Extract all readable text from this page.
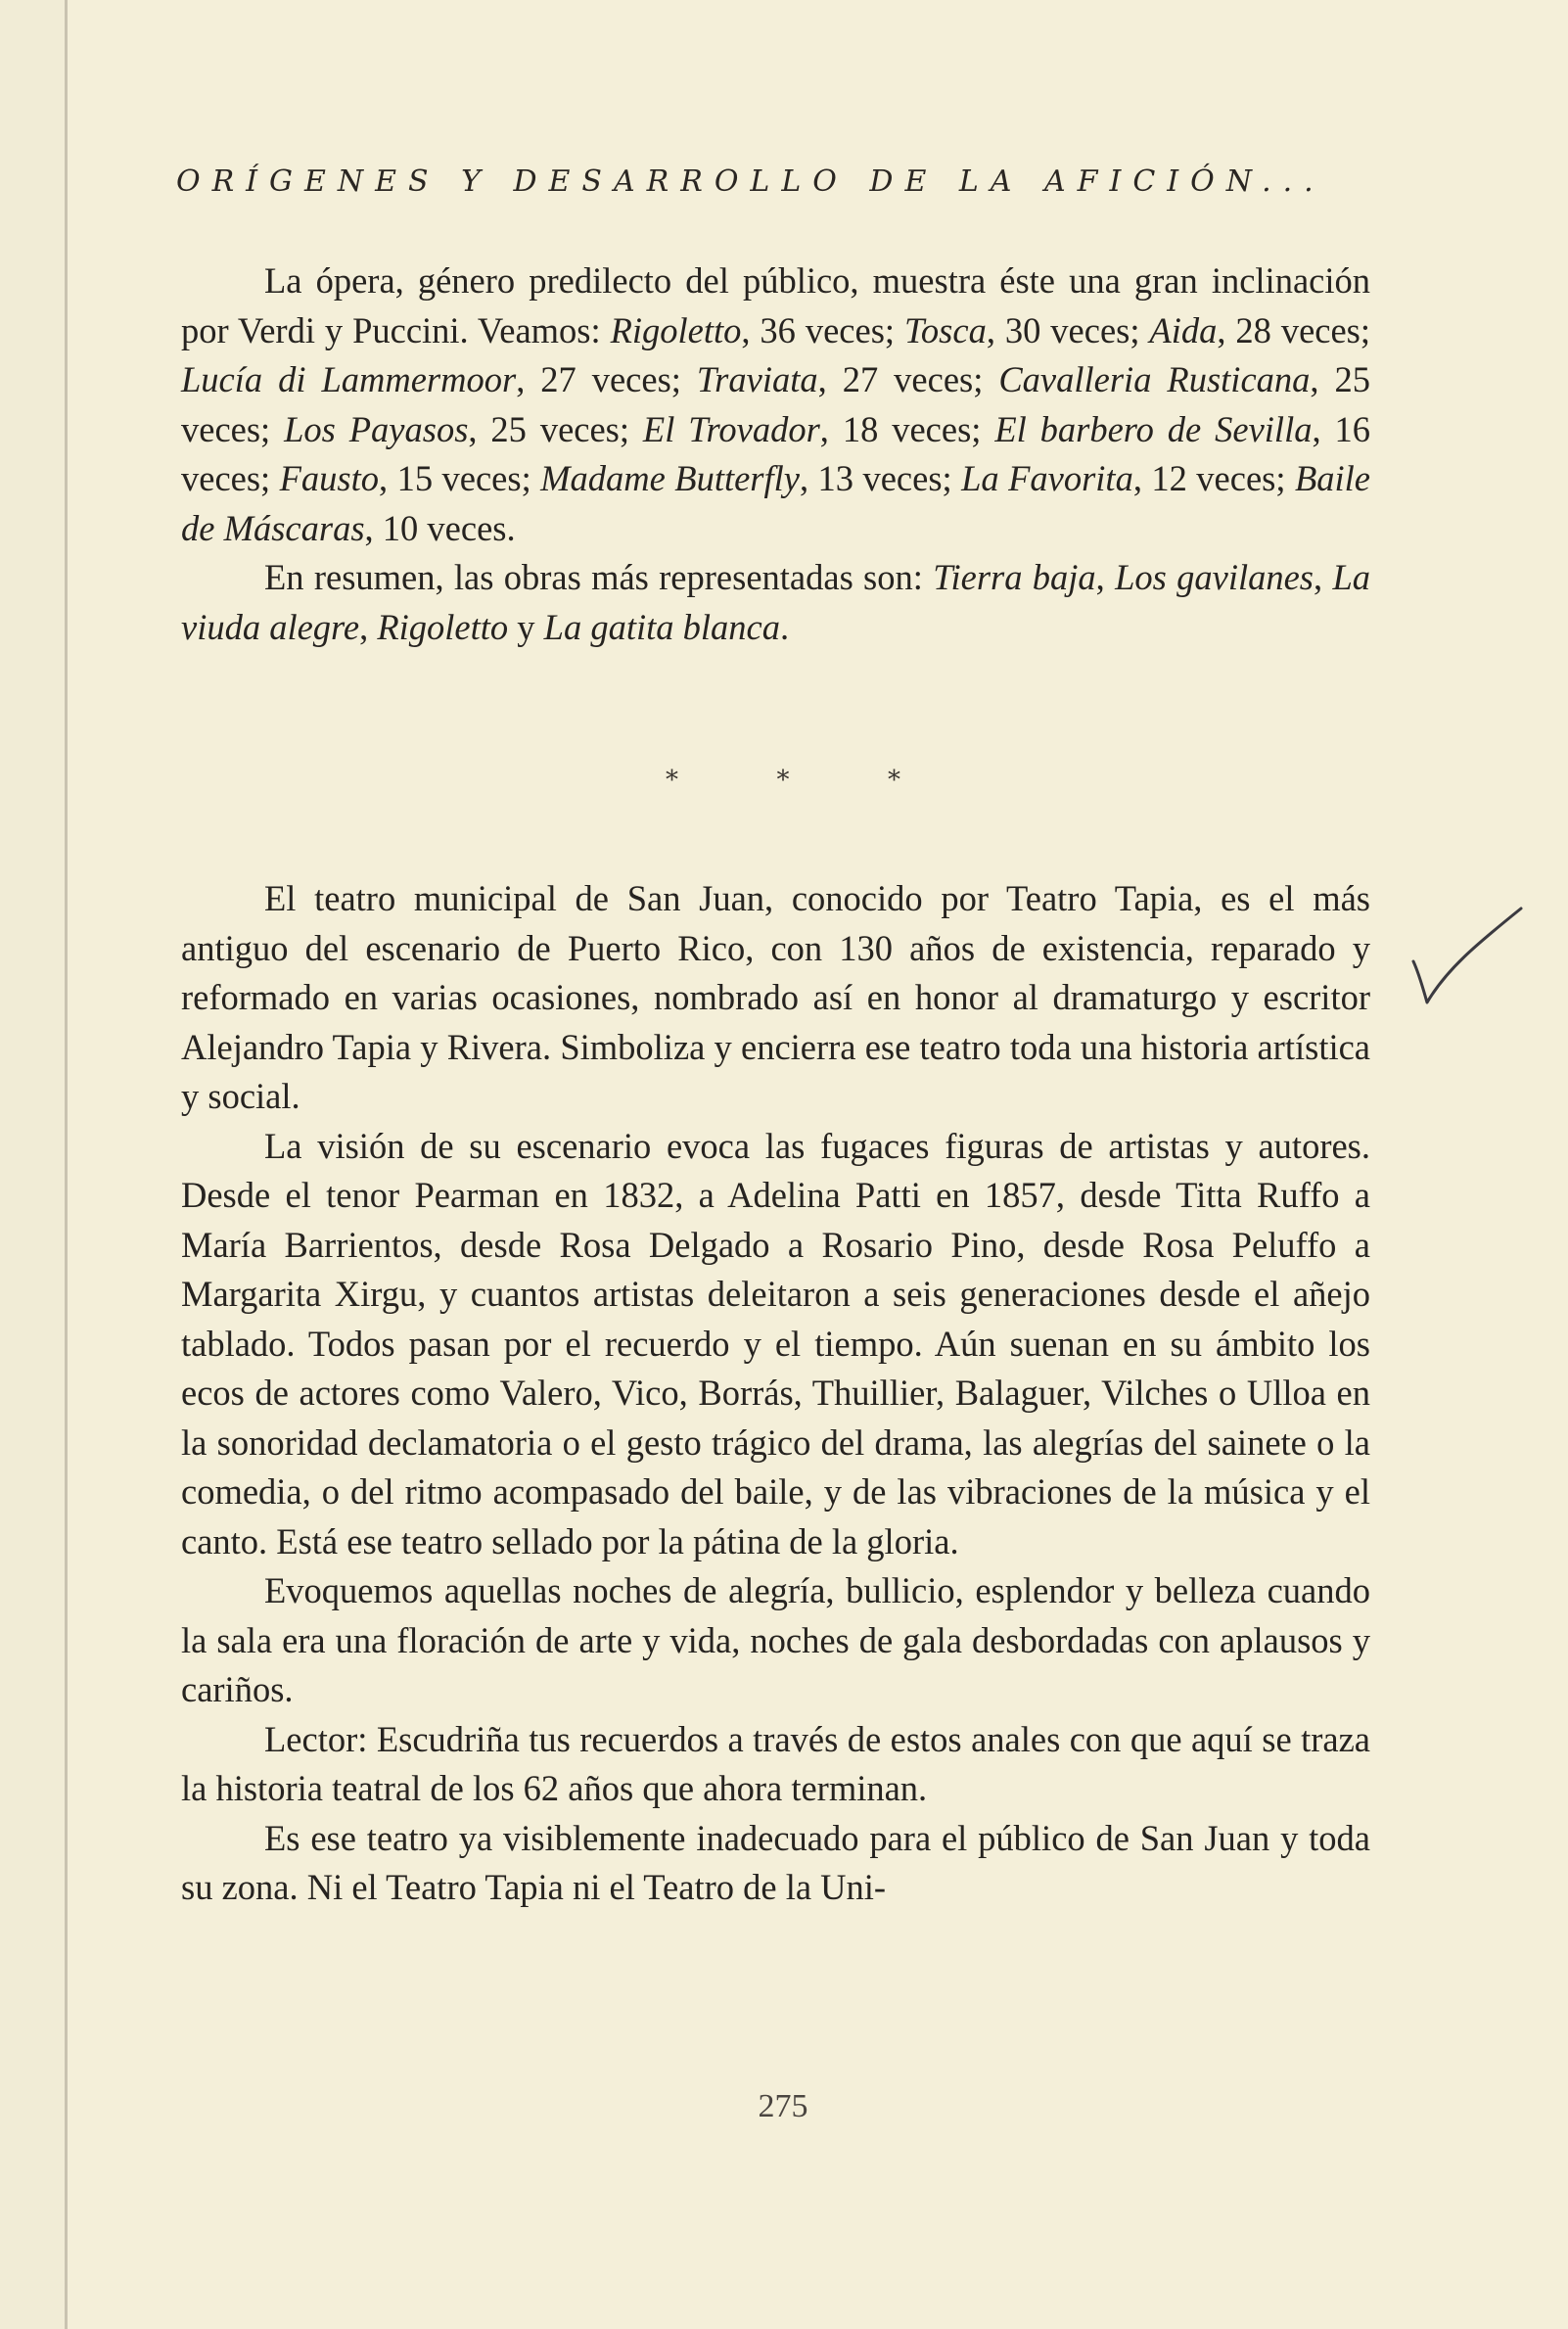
ORÍGENES Y DESARROLLO DE LA AFICIÓN...

La ópera, género predilecto del público, muestra éste una gran inclinación por Verdi y Puccini. Veamos: Rigoletto, 36 veces; Tosca, 30 veces; Aida, 28 veces; Lucía di Lammermoor, 27 veces; Traviata, 27 veces; Cavalleria Rusticana, 25 veces; Los Payasos, 25 veces; El Trovador, 18 veces; El barbero de Sevilla, 16 veces; Fausto, 15 veces; Madame Butterfly, 13 veces; La Favorita, 12 veces; Baile de Máscaras, 10 veces.

En resumen, las obras más representadas son: Tierra baja, Los gavilanes, La viuda alegre, Rigoletto y La gatita blanca.

*	*	*

El teatro municipal de San Juan, conocido por Teatro Tapia, es el más antiguo del escenario de Puerto Rico, con 130 años de existencia, reparado y reformado en varias ocasiones, nombrado así en honor al dramaturgo y escritor Alejandro Tapia y Rivera. Simboliza y encierra ese teatro toda una historia artística y social.

La visión de su escenario evoca las fugaces figuras de artistas y autores. Desde el tenor Pearman en 1832, a Adelina Patti en 1857, desde Titta Ruffo a María Barrientos, desde Rosa Delgado a Rosario Pino, desde Rosa Peluffo a Margarita Xirgu, y cuantos artistas deleitaron a seis generaciones desde el añejo tablado. Todos pasan por el recuerdo y el tiempo. Aún suenan en su ámbito los ecos de actores como Valero, Vico, Borrás, Thuillier, Balaguer, Vilches o Ulloa en la sonoridad declamatoria o el gesto trágico del drama, las alegrías del sainete o la comedia, o del ritmo acompasado del baile, y de las vibraciones de la música y el canto. Está ese teatro sellado por la pátina de la gloria.

Evoquemos aquellas noches de alegría, bullicio, esplendor y belleza cuando la sala era una floración de arte y vida, noches de gala desbordadas con aplausos y cariños.

Lector: Escudriña tus recuerdos a través de estos anales con que aquí se traza la historia teatral de los 62 años que ahora terminan.

Es ese teatro ya visiblemente inadecuado para el público de San Juan y toda su zona. Ni el Teatro Tapia ni el Teatro de la Uni-

275
